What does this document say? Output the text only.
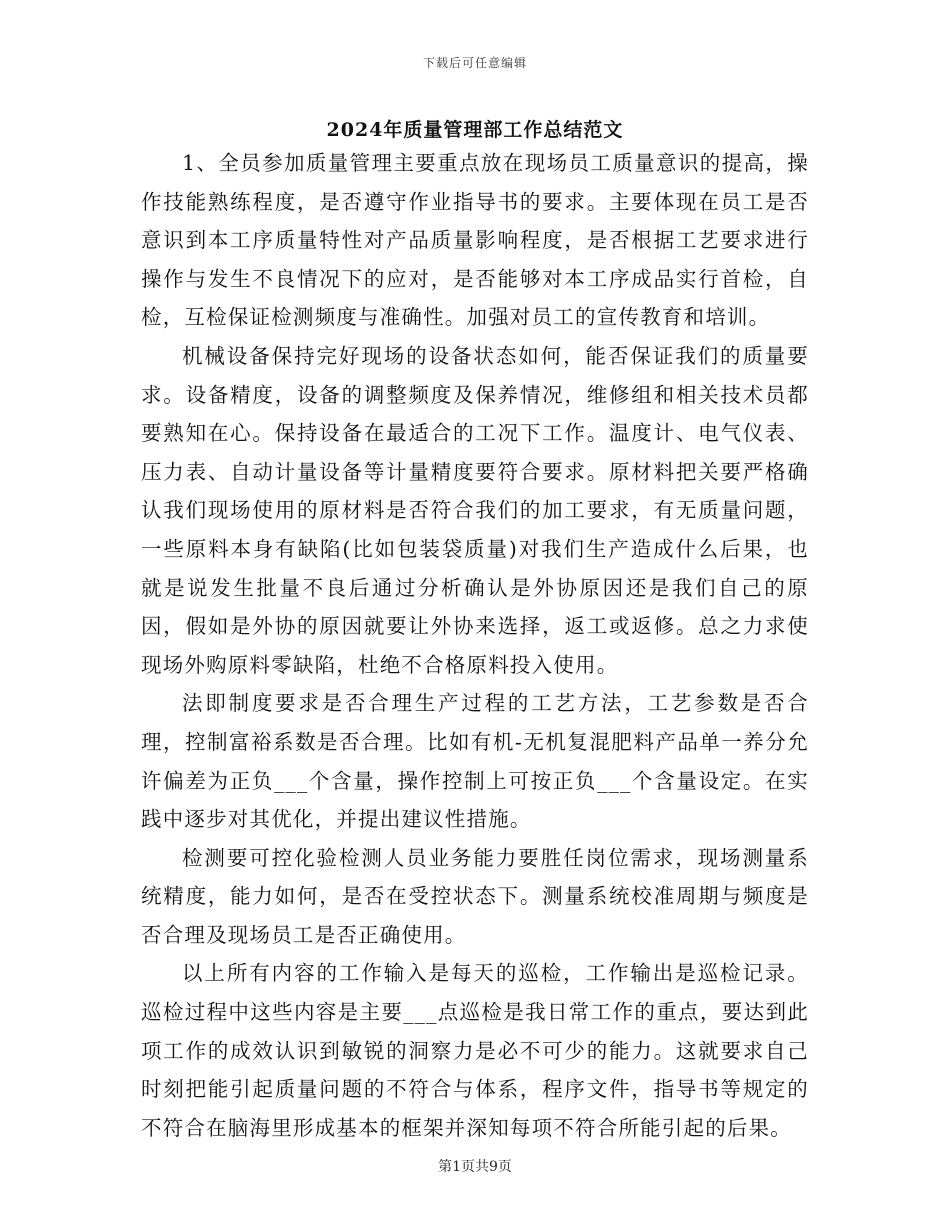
下载后可任意编辑
2024年质量管理部工作总结范文

1、全员参加质量管理主要重点放在现场员工质量意识的提高，操作技能熟练程度，是否遵守作业指导书的要求。主要体现在员工是否意识到本工序质量特性对产品质量影响程度，是否根据工艺要求进行操作与发生不良情况下的应对，是否能够对本工序成品实行首检，自检，互检保证检测频度与准确性。加强对员工的宣传教育和培训。

机械设备保持完好现场的设备状态如何，能否保证我们的质量要求。设备精度，设备的调整频度及保养情况，维修组和相关技术员都要熟知在心。保持设备在最适合的工况下工作。温度计、电气仪表、压力表、自动计量设备等计量精度要符合要求。原材料把关要严格确认我们现场使用的原材料是否符合我们的加工要求，有无质量问题，一些原料本身有缺陷(比如包装袋质量)对我们生产造成什么后果，也就是说发生批量不良后通过分析确认是外协原因还是我们自己的原因，假如是外协的原因就要让外协来选择，返工或返修。总之力求使现场外购原料零缺陷，杜绝不合格原料投入使用。

法即制度要求是否合理生产过程的工艺方法，工艺参数是否合理，控制富裕系数是否合理。比如有机-无机复混肥料产品单一养分允许偏差为正负___个含量，操作控制上可按正负___个含量设定。在实践中逐步对其优化，并提出建议性措施。

检测要可控化验检测人员业务能力要胜任岗位需求，现场测量系统精度，能力如何，是否在受控状态下。测量系统校准周期与频度是否合理及现场员工是否正确使用。

以上所有内容的工作输入是每天的巡检，工作输出是巡检记录。巡检过程中这些内容是主要___点巡检是我日常工作的重点，要达到此项工作的成效认识到敏锐的洞察力是必不可少的能力。这就要求自己时刻把能引起质量问题的不符合与体系，程序文件，指导书等规定的不符合在脑海里形成基本的框架并深知每项不符合所能引起的后果。

第1页共9页
